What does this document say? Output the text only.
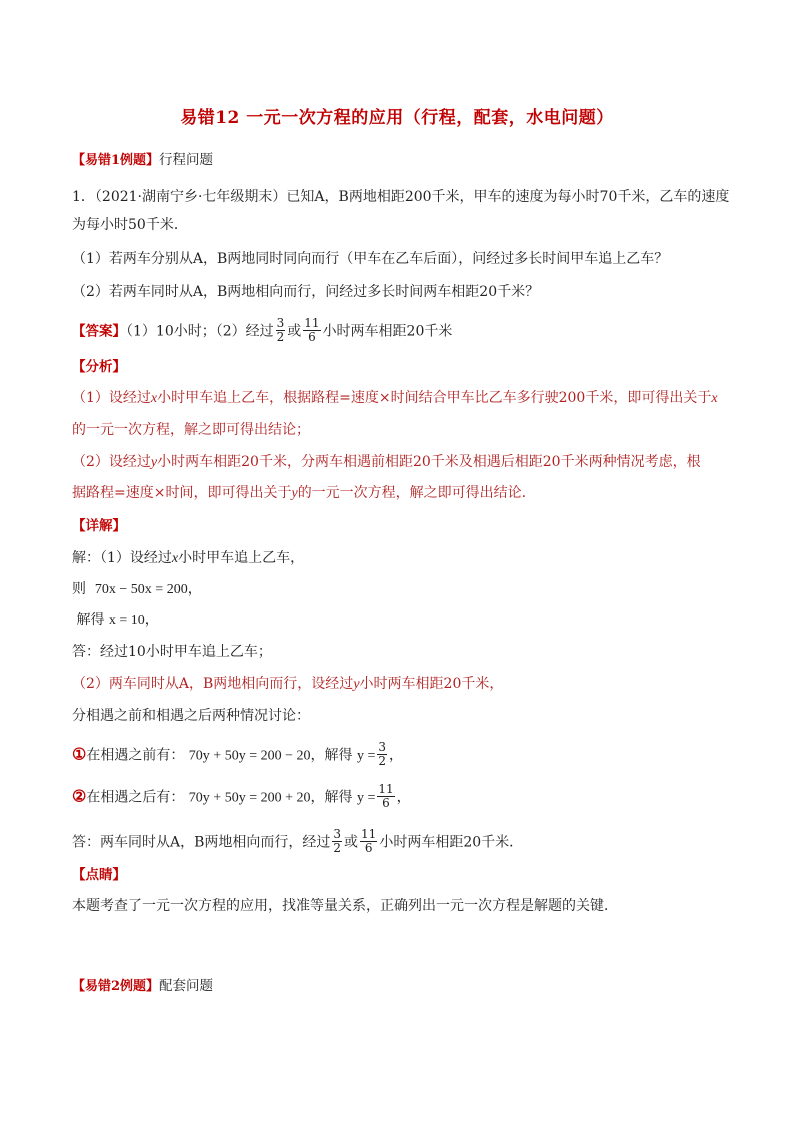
易错12 一元一次方程的应用（行程，配套，水电问题）
【易错1例题】行程问题
1．（2021·湖南宁乡·七年级期末）已知A，B两地相距200千米，甲车的速度为每小时70千米，乙车的速度
为每小时50千米．
（1）若两车分别从A，B两地同时同向而行（甲车在乙车后面），问经过多长时间甲车追上乙车？
（2）若两车同时从A，B两地相向而行，问经过多长时间两车相距20千米？
【答案】（1）10小时；（2）经过 $\frac{3}{2}$ 或 $\frac{11}{6}$ 小时两车相距20千米
【分析】
（1）设经过x小时甲车追上乙车，根据路程=速度×时间结合甲车比乙车多行驶200千米，即可得出关于x
的一元一次方程，解之即可得出结论；
（2）设经过y小时两车相距20千米，分两车相遇前相距20千米及相遇后相距20千米两种情况考虑，根
据路程=速度×时间，即可得出关于y的一元一次方程，解之即可得出结论．
【详解】
解：（1）设经过x小时甲车追上乙车，
则 70x − 50x = 200，
解得 x = 10，
答：经过10小时甲车追上乙车；
（2）两车同时从A，B两地相向而行，设经过y小时两车相距20千米，
分相遇之前和相遇之后两种情况讨论：
①在相遇之前有： 70y + 50y = 200 − 20，解得 $y = \frac{3}{2}$ ，
②在相遇之后有： 70y + 50y = 200 + 20，解得 $y = \frac{11}{6}$ ，
答：两车同时从A，B两地相向而行，经过 $\frac{3}{2}$ 或 $\frac{11}{6}$ 小时两车相距20千米．
【点睛】
本题考查了一元一次方程的应用，找准等量关系，正确列出一元一次方程是解题的关键．
【易错2例题】配套问题
